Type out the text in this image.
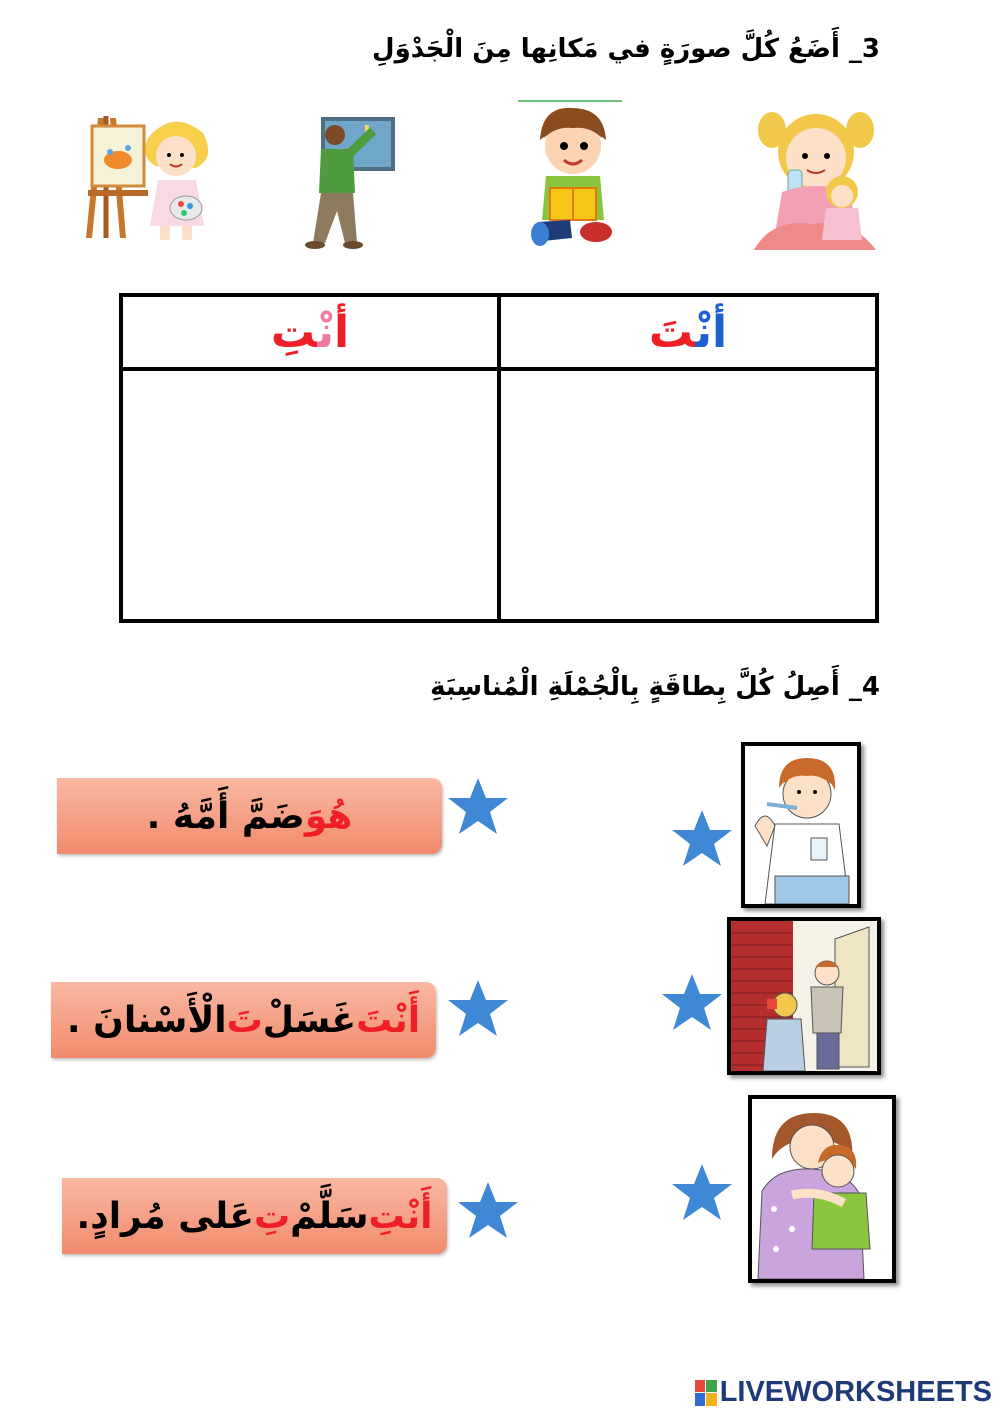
3_ أَضَعُ كُلَّ صورَةٍ في مَكانِها مِنَ الْجَدْوَلِ
أنْتِ	أنْتَ

4_ أَصِلُ كُلَّ بِطاقَةٍ بِالْجُمْلَةِ الْمُناسِبَةِ
هُوَ
ضَمَّ أَمَّهُ .
أَنْتَ
غَسَلْ
تَ
الْأَسْنانَ .
أَنْتِ
سَلَّمْ
تِ
عَلى مُرادٍ.
LIVEWORKSHEETS
